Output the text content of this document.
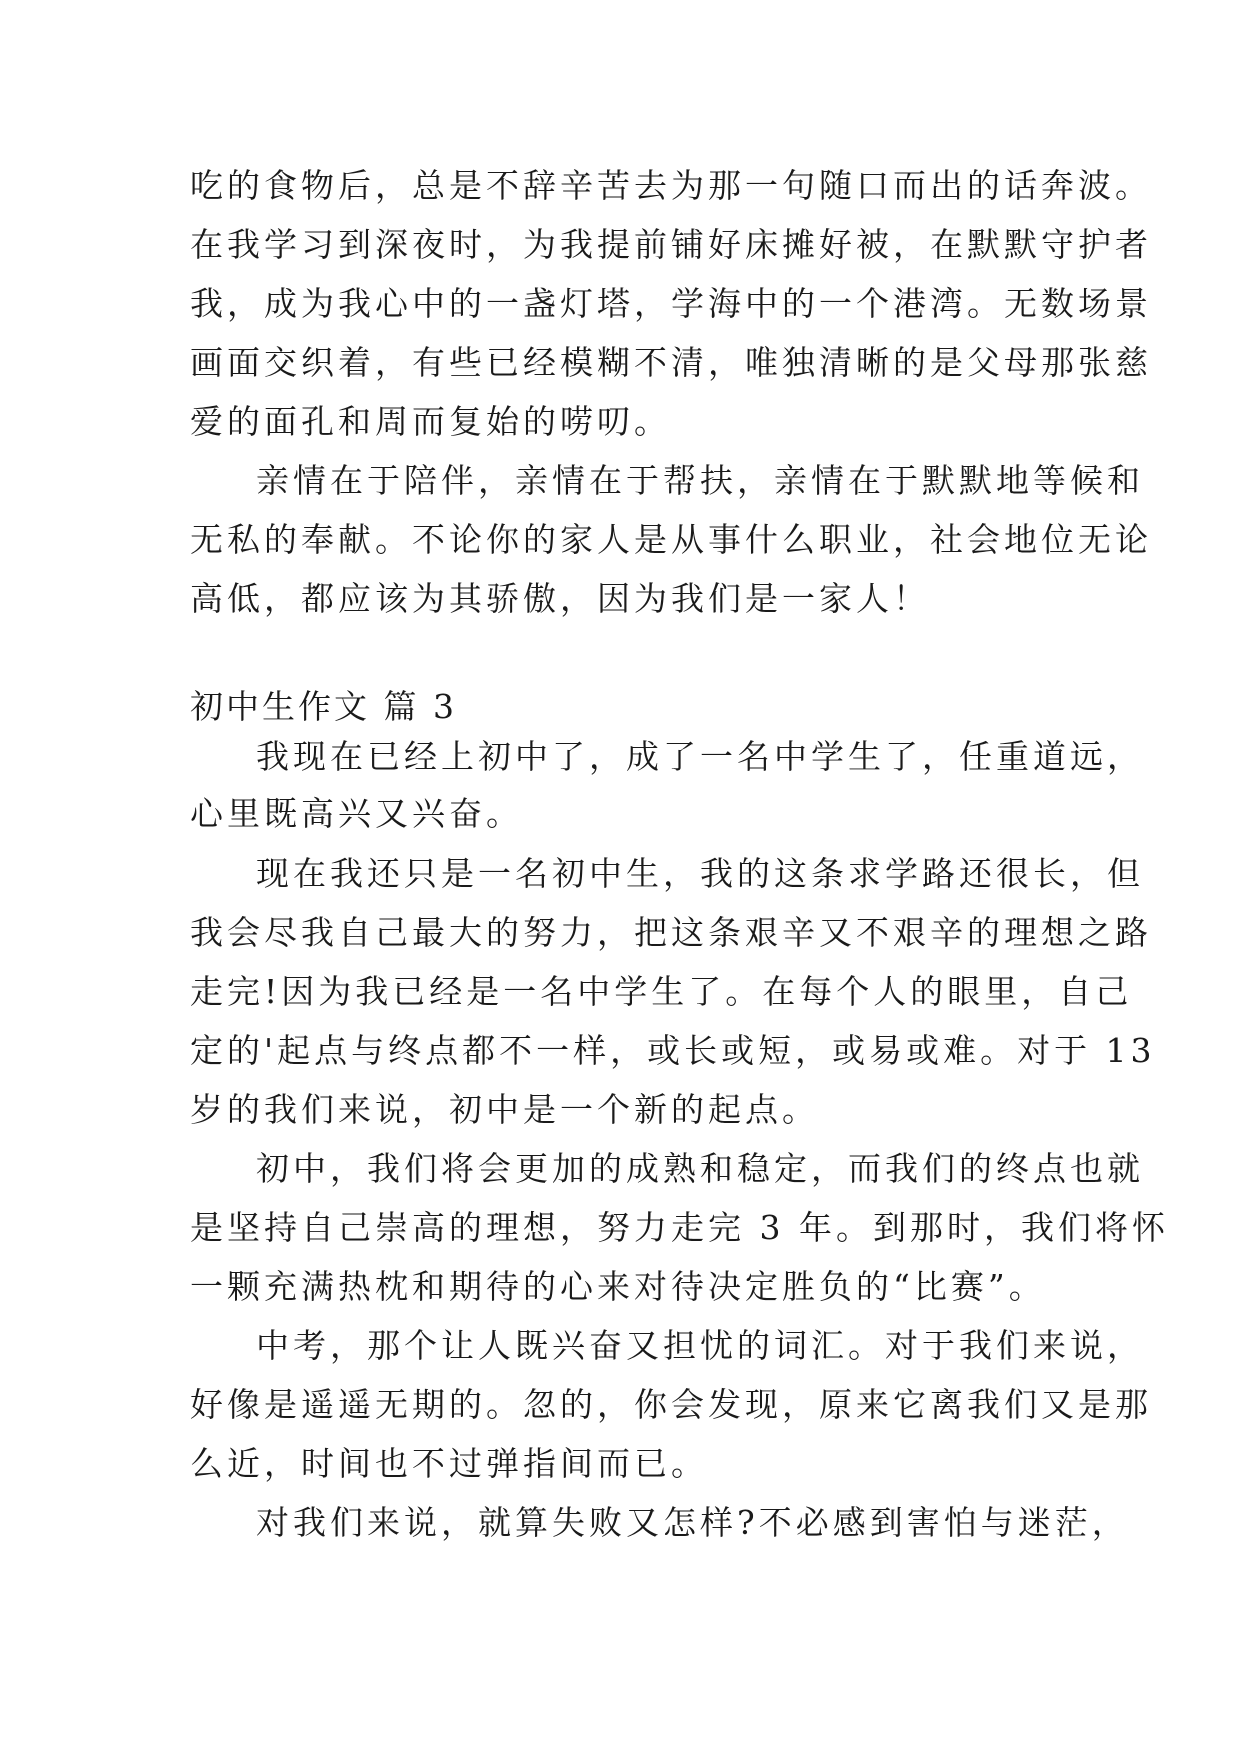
吃的食物后，总是不辞辛苦去为那一句随口而出的话奔波。
在我学习到深夜时，为我提前铺好床摊好被，在默默守护者
我，成为我心中的一盏灯塔，学海中的一个港湾。无数场景
画面交织着，有些已经模糊不清，唯独清晰的是父母那张慈
爱的面孔和周而复始的唠叨。
亲情在于陪伴，亲情在于帮扶，亲情在于默默地等候和
无私的奉献。不论你的家人是从事什么职业，社会地位无论
高低，都应该为其骄傲，因为我们是一家人！
初中生作文 篇 3
我现在已经上初中了，成了一名中学生了，任重道远，
心里既高兴又兴奋。
现在我还只是一名初中生，我的这条求学路还很长，但
我会尽我自己最大的努力，把这条艰辛又不艰辛的理想之路
走完!因为我已经是一名中学生了。在每个人的眼里，自己
定的'起点与终点都不一样，或长或短，或易或难。对于 13
岁的我们来说，初中是一个新的起点。
初中，我们将会更加的成熟和稳定，而我们的终点也就
是坚持自己崇高的理想，努力走完 3 年。到那时，我们将怀
一颗充满热枕和期待的心来对待决定胜负的“比赛”。
中考，那个让人既兴奋又担忧的词汇。对于我们来说，
好像是遥遥无期的。忽的，你会发现，原来它离我们又是那
么近，时间也不过弹指间而已。
对我们来说，就算失败又怎样?不必感到害怕与迷茫，
